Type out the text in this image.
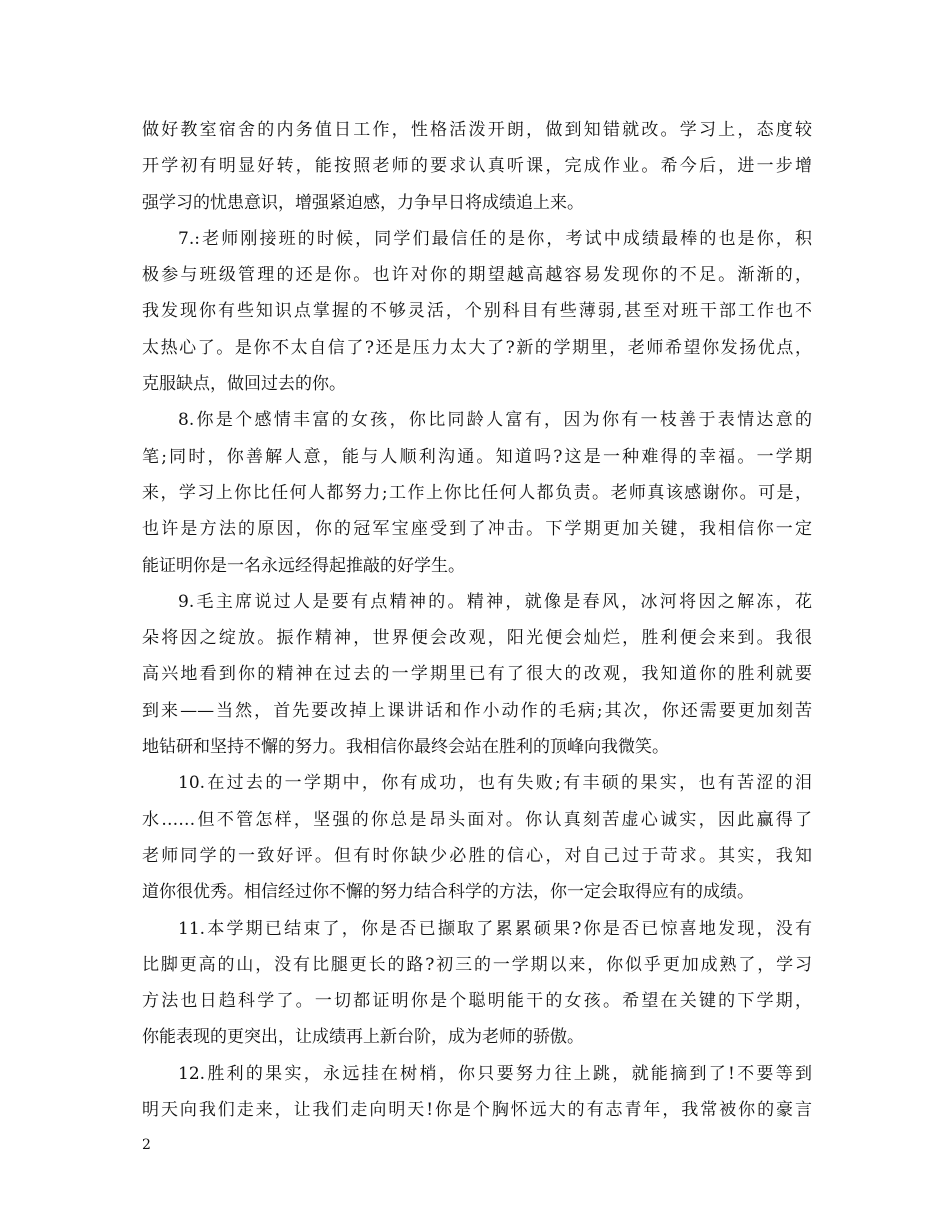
做好教室宿舍的内务值日工作，性格活泼开朗，做到知错就改。学习上，态度较
开学初有明显好转，能按照老师的要求认真听课，完成作业。希今后，进一步增
强学习的忧患意识，增强紧迫感，力争早日将成绩追上来。
7.:老师刚接班的时候，同学们最信任的是你，考试中成绩最棒的也是你，积
极参与班级管理的还是你。也许对你的期望越高越容易发现你的不足。渐渐的，
我发现你有些知识点掌握的不够灵活，个别科目有些薄弱,甚至对班干部工作也不
太热心了。是你不太自信了?还是压力太大了?新的学期里，老师希望你发扬优点，
克服缺点，做回过去的你。
8.你是个感情丰富的女孩，你比同龄人富有，因为你有一枝善于表情达意的
笔;同时，你善解人意，能与人顺利沟通。知道吗?这是一种难得的幸福。一学期
来，学习上你比任何人都努力;工作上你比任何人都负责。老师真该感谢你。可是，
也许是方法的原因，你的冠军宝座受到了冲击。下学期更加关键，我相信你一定
能证明你是一名永远经得起推敲的好学生。
9.毛主席说过人是要有点精神的。精神，就像是春风，冰河将因之解冻，花
朵将因之绽放。振作精神，世界便会改观，阳光便会灿烂，胜利便会来到。我很
高兴地看到你的精神在过去的一学期里已有了很大的改观，我知道你的胜利就要
到来——当然，首先要改掉上课讲话和作小动作的毛病;其次，你还需要更加刻苦
地钻研和坚持不懈的努力。我相信你最终会站在胜利的顶峰向我微笑。
10.在过去的一学期中，你有成功，也有失败;有丰硕的果实，也有苦涩的泪
水……但不管怎样，坚强的你总是昂头面对。你认真刻苦虚心诚实，因此赢得了
老师同学的一致好评。但有时你缺少必胜的信心，对自己过于苛求。其实，我知
道你很优秀。相信经过你不懈的努力结合科学的方法，你一定会取得应有的成绩。
11.本学期已结束了，你是否已撷取了累累硕果?你是否已惊喜地发现，没有
比脚更高的山，没有比腿更长的路?初三的一学期以来，你似乎更加成熟了，学习
方法也日趋科学了。一切都证明你是个聪明能干的女孩。希望在关键的下学期，
你能表现的更突出，让成绩再上新台阶，成为老师的骄傲。
12.胜利的果实，永远挂在树梢，你只要努力往上跳，就能摘到了!不要等到
明天向我们走来，让我们走向明天!你是个胸怀远大的有志青年，我常被你的豪言
2
